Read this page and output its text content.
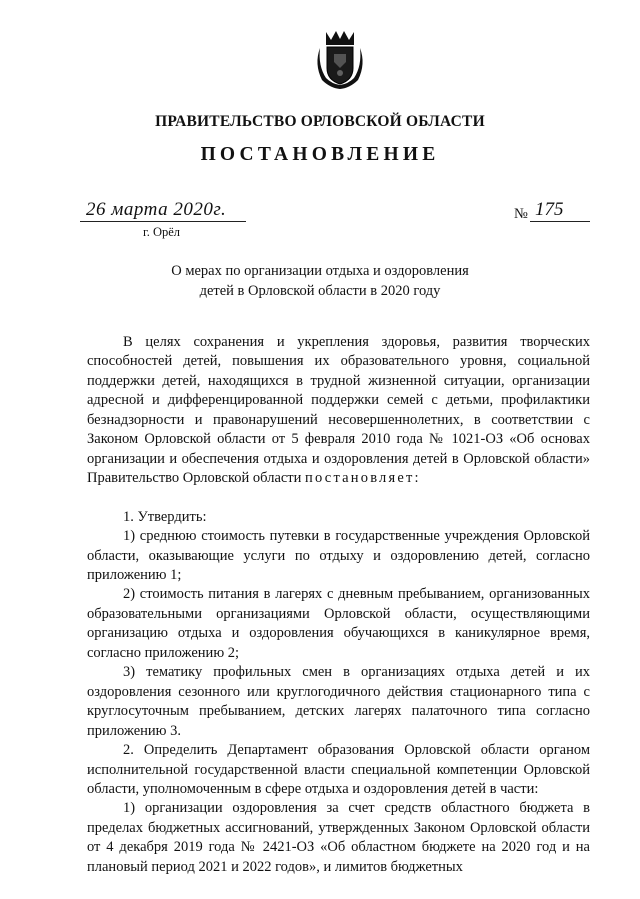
ПРАВИТЕЛЬСТВО ОРЛОВСКОЙ ОБЛАСТИ
ПОСТАНОВЛЕНИЕ
26 марта 2020г.
г. Орёл
№ 175
О мерах по организации отдыха и оздоровления
детей в Орловской области в 2020 году

В целях сохранения и укрепления здоровья, развития творческих способностей детей, повышения их образовательного уровня, социальной поддержки детей, находящихся в трудной жизненной ситуации, организации адресной и дифференцированной поддержки семей с детьми, профилактики безнадзорности и правонарушений несовершеннолетних, в соответствии с Законом Орловской области от 5 февраля 2010 года № 1021-ОЗ «Об основах организации и обеспечения отдыха и оздоровления детей в Орловской области» Правительство Орловской области постановляет:

1. Утвердить:

1) среднюю стоимость путевки в государственные учреждения Орловской области, оказывающие услуги по отдыху и оздоровлению детей, согласно приложению 1;

2) стоимость питания в лагерях с дневным пребыванием, организованных образовательными организациями Орловской области, осуществляющими организацию отдыха и оздоровления обучающихся в каникулярное время, согласно приложению 2;

3) тематику профильных смен в организациях отдыха детей и их оздоровления сезонного или круглогодичного действия стационарного типа с круглосуточным пребыванием, детских лагерях палаточного типа согласно приложению 3.

2. Определить Департамент образования Орловской области органом исполнительной государственной власти специальной компетенции Орловской области, уполномоченным в сфере отдыха и оздоровления детей в части:

1) организации оздоровления за счет средств областного бюджета в пределах бюджетных ассигнований, утвержденных Законом Орловской области от 4 декабря 2019 года № 2421-ОЗ «Об областном бюджете на 2020 год и на плановый период 2021 и 2022 годов», и лимитов бюджетных
